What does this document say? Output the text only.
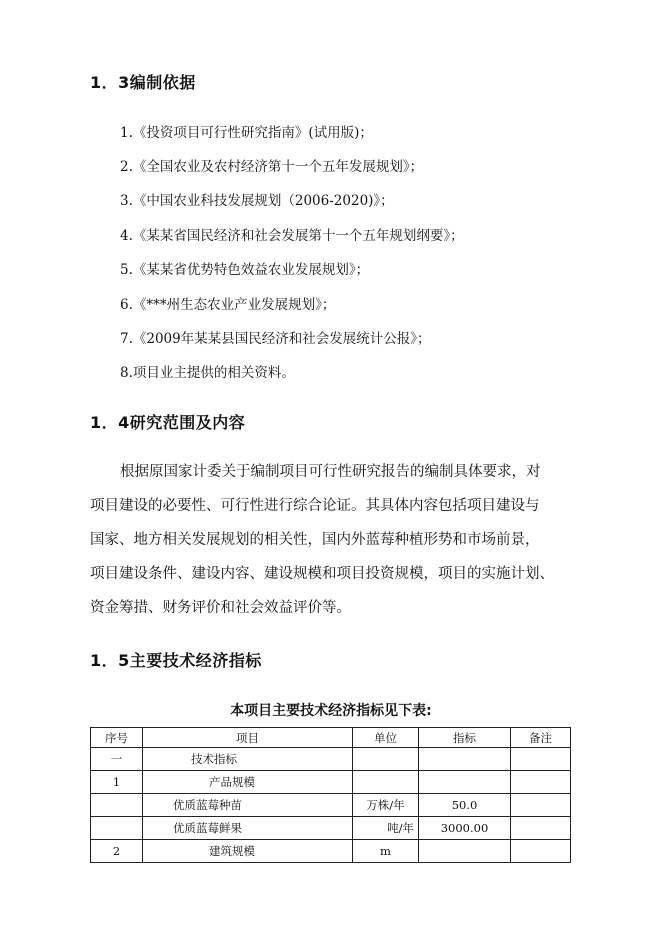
1．3编制依据
1.《投资项目可行性研究指南》(试用版)；
2.《全国农业及农村经济第十一个五年发展规划》；
3.《中国农业科技发展规划（2006-2020)》；
4.《某某省国民经济和社会发展第十一个五年规划纲要》；
5.《某某省优势特色效益农业发展规划》；
6.《***州生态农业产业发展规划》；
7.《2009年某某县国民经济和社会发展统计公报》；
8.项目业主提供的相关资料。
1．4研究范围及内容
根据原国家计委关于编制项目可行性研究报告的编制具体要求，对
项目建设的必要性、可行性进行综合论证。其具体内容包括项目建设与
国家、地方相关发展规划的相关性，国内外蓝莓种植形势和市场前景，
项目建设条件、建设内容、建设规模和项目投资规模，项目的实施计划、
资金筹措、财务评价和社会效益评价等。
1．5主要技术经济指标
本项目主要技术经济指标见下表:
序号	项目	单位	指标	备注
一	技术指标			
1	产品规模			
	优质蓝莓种苗	万株/年	50.0	
	优质蓝莓鲜果	吨/年	3000.00	
2	建筑规模	m		
